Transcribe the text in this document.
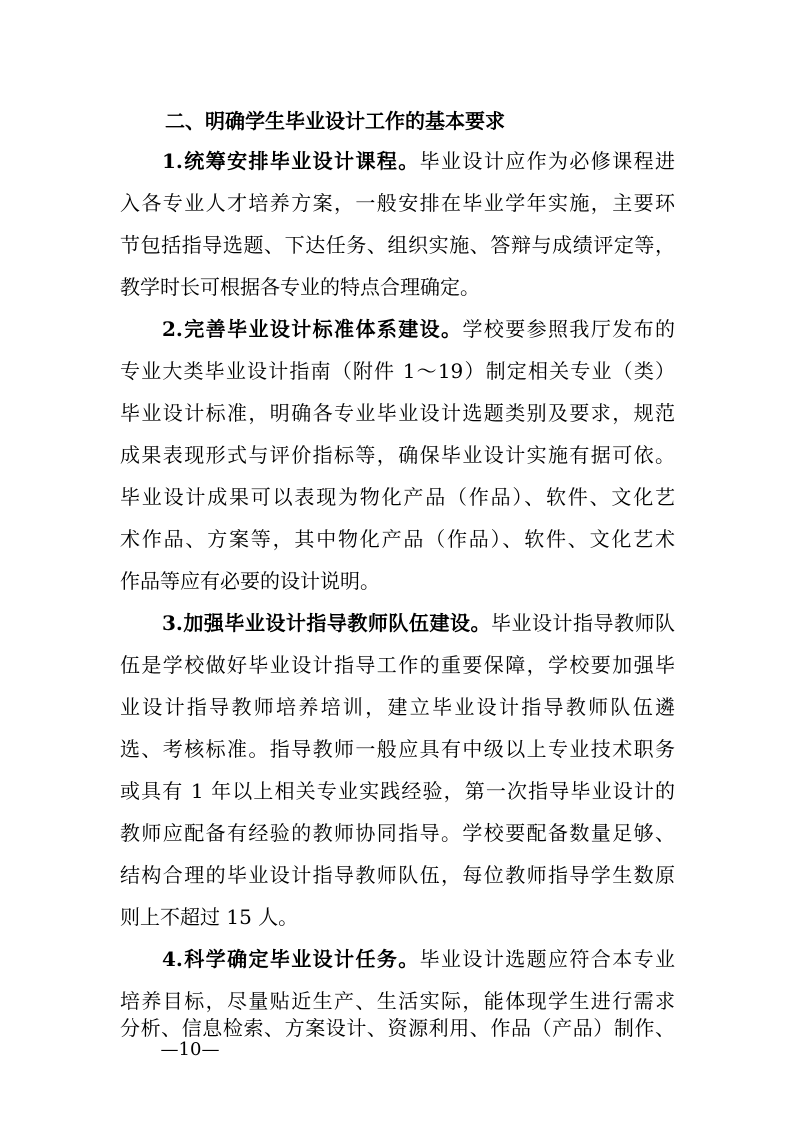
二、明确学生毕业设计工作的基本要求
1.统筹安排毕业设计课程。毕业设计应作为必修课程进
入各专业人才培养方案，一般安排在毕业学年实施，主要环
节包括指导选题、下达任务、组织实施、答辩与成绩评定等，
教学时长可根据各专业的特点合理确定。
2.完善毕业设计标准体系建设。学校要参照我厅发布的
专业大类毕业设计指南（附件 1～19）制定相关专业（类）
毕业设计标准，明确各专业毕业设计选题类别及要求，规范
成果表现形式与评价指标等，确保毕业设计实施有据可依。
毕业设计成果可以表现为物化产品（作品）、软件、文化艺
术作品、方案等，其中物化产品（作品）、软件、文化艺术
作品等应有必要的设计说明。
3.加强毕业设计指导教师队伍建设。毕业设计指导教师队
伍是学校做好毕业设计指导工作的重要保障，学校要加强毕
业设计指导教师培养培训，建立毕业设计指导教师队伍遴
选、考核标准。指导教师一般应具有中级以上专业技术职务
或具有 1 年以上相关专业实践经验，第一次指导毕业设计的
教师应配备有经验的教师协同指导。学校要配备数量足够、
结构合理的毕业设计指导教师队伍，每位教师指导学生数原
则上不超过 15 人。
4.科学确定毕业设计任务。毕业设计选题应符合本专业
培养目标，尽量贴近生产、生活实际，能体现学生进行需求
分析、信息检索、方案设计、资源利用、作品（产品）制作、
—10—
